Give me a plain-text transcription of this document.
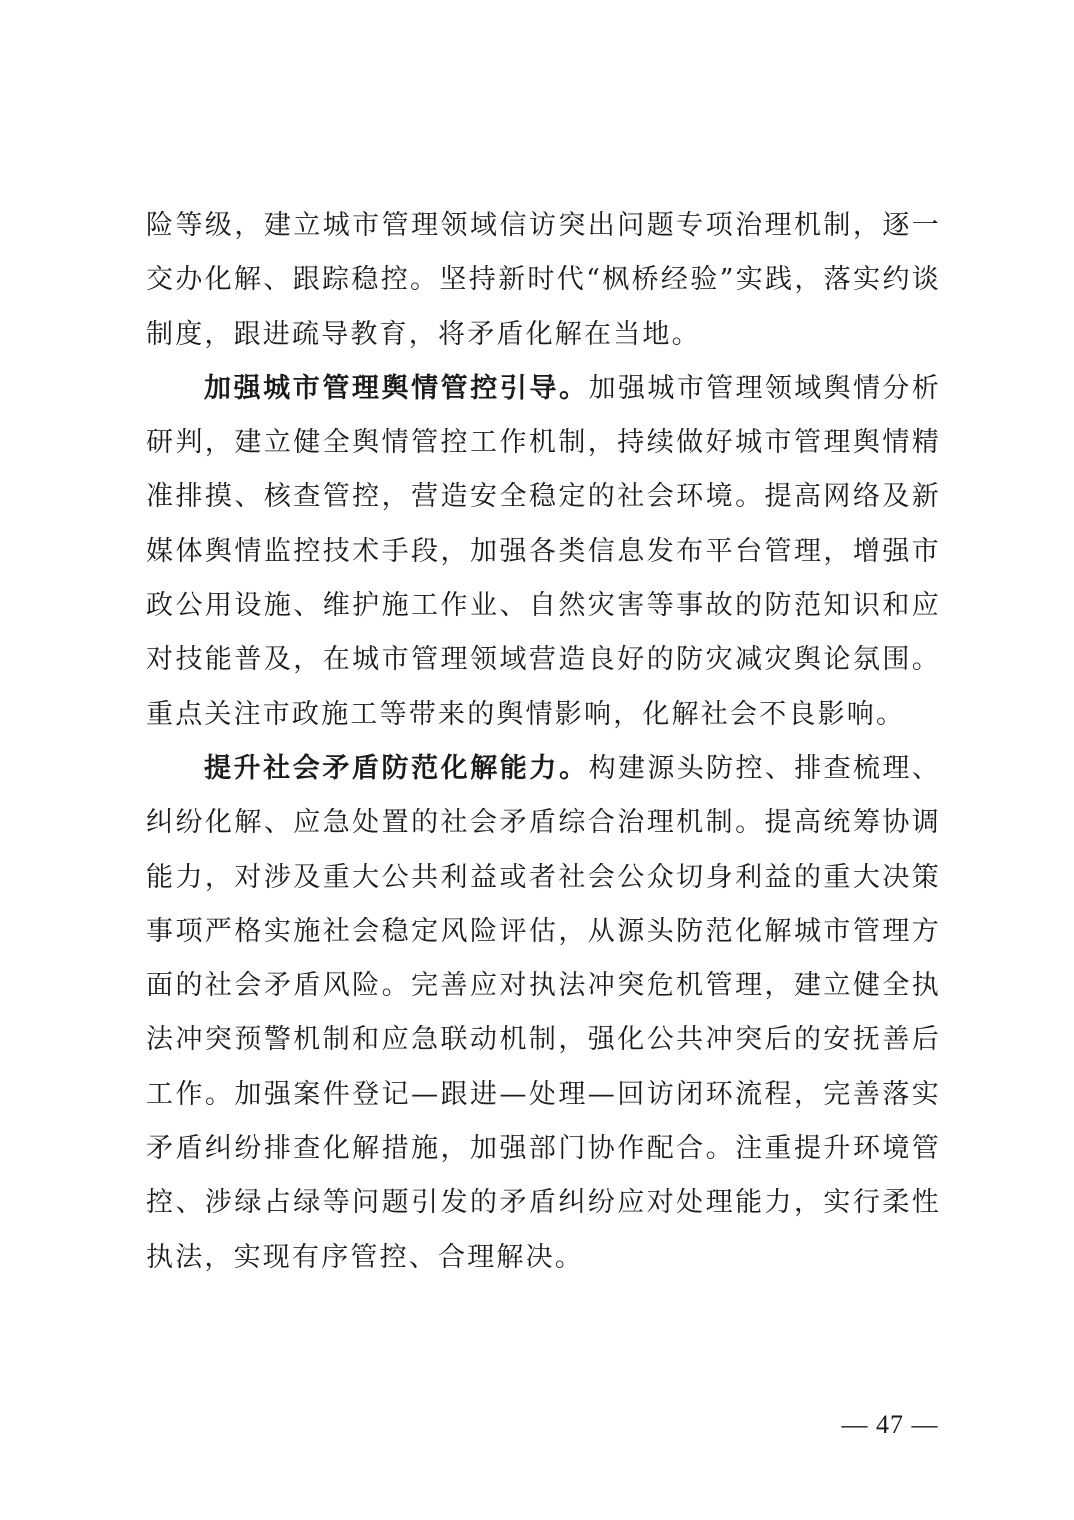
险等级，建立城市管理领域信访突出问题专项治理机制，逐一交办化解、跟踪稳控。坚持新时代“枫桥经验”实践，落实约谈制度，跟进疏导教育，将矛盾化解在当地。

加强城市管理舆情管控引导。加强城市管理领域舆情分析研判，建立健全舆情管控工作机制，持续做好城市管理舆情精准排摸、核查管控，营造安全稳定的社会环境。提高网络及新媒体舆情监控技术手段，加强各类信息发布平台管理，增强市政公用设施、维护施工作业、自然灾害等事故的防范知识和应对技能普及，在城市管理领域营造良好的防灾减灾舆论氛围。重点关注市政施工等带来的舆情影响，化解社会不良影响。

提升社会矛盾防范化解能力。构建源头防控、排查梳理、纠纷化解、应急处置的社会矛盾综合治理机制。提高统筹协调能力，对涉及重大公共利益或者社会公众切身利益的重大决策事项严格实施社会稳定风险评估，从源头防范化解城市管理方面的社会矛盾风险。完善应对执法冲突危机管理，建立健全执法冲突预警机制和应急联动机制，强化公共冲突后的安抚善后工作。加强案件登记—跟进—处理—回访闭环流程，完善落实矛盾纠纷排查化解措施，加强部门协作配合。注重提升环境管控、涉绿占绿等问题引发的矛盾纠纷应对处理能力，实行柔性执法，实现有序管控、合理解决。

— 47 —
